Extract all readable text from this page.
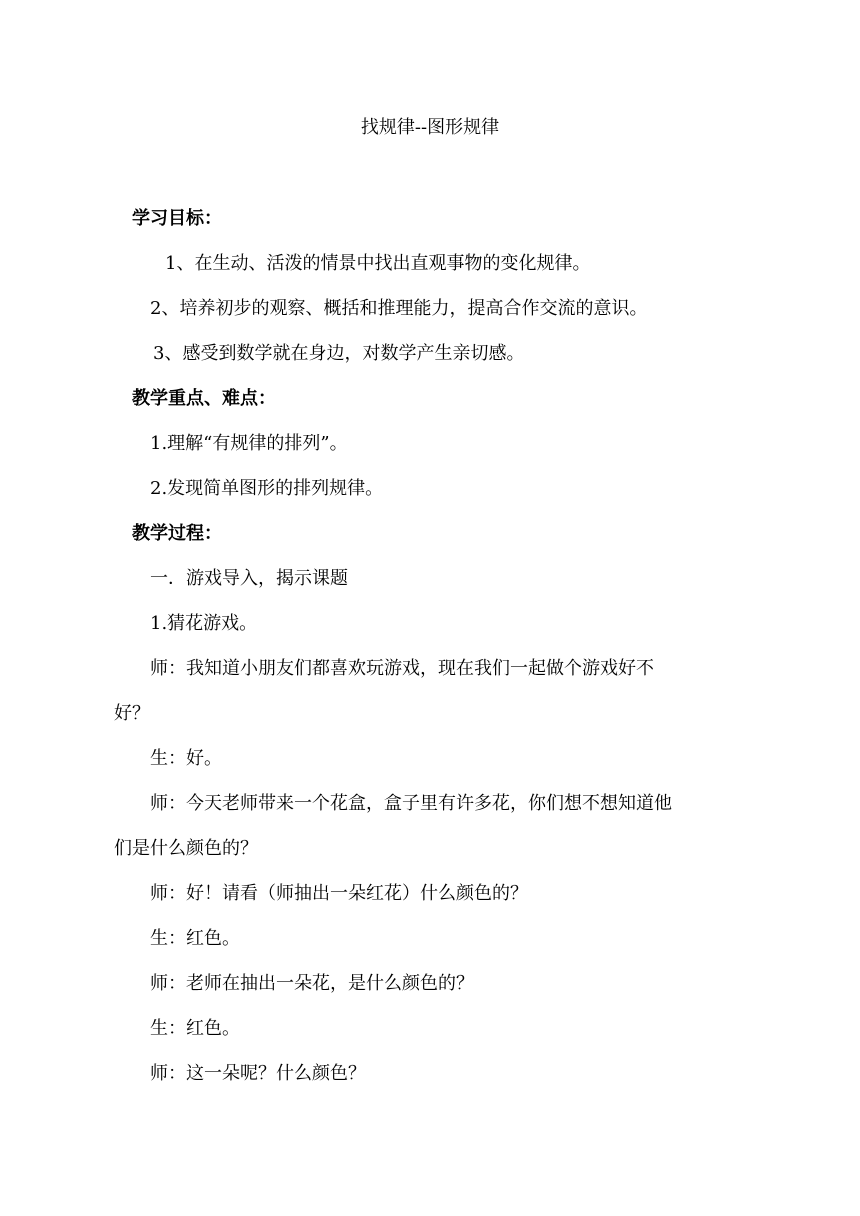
找规律--图形规律
学习目标：
1、在生动、活泼的情景中找出直观事物的变化规律。
2、培养初步的观察、概括和推理能力，提高合作交流的意识。
3、感受到数学就在身边，对数学产生亲切感。
教学重点、难点：
1.理解“有规律的排列”。
2.发现简单图形的排列规律。
教学过程：
一．游戏导入，揭示课题
1.猜花游戏。
师：我知道小朋友们都喜欢玩游戏，现在我们一起做个游戏好不
好？
生：好。
师：今天老师带来一个花盒，盒子里有许多花，你们想不想知道他
们是什么颜色的？
师：好！请看（师抽出一朵红花）什么颜色的？
生：红色。
师：老师在抽出一朵花，是什么颜色的？
生：红色。
师：这一朵呢？什么颜色？
